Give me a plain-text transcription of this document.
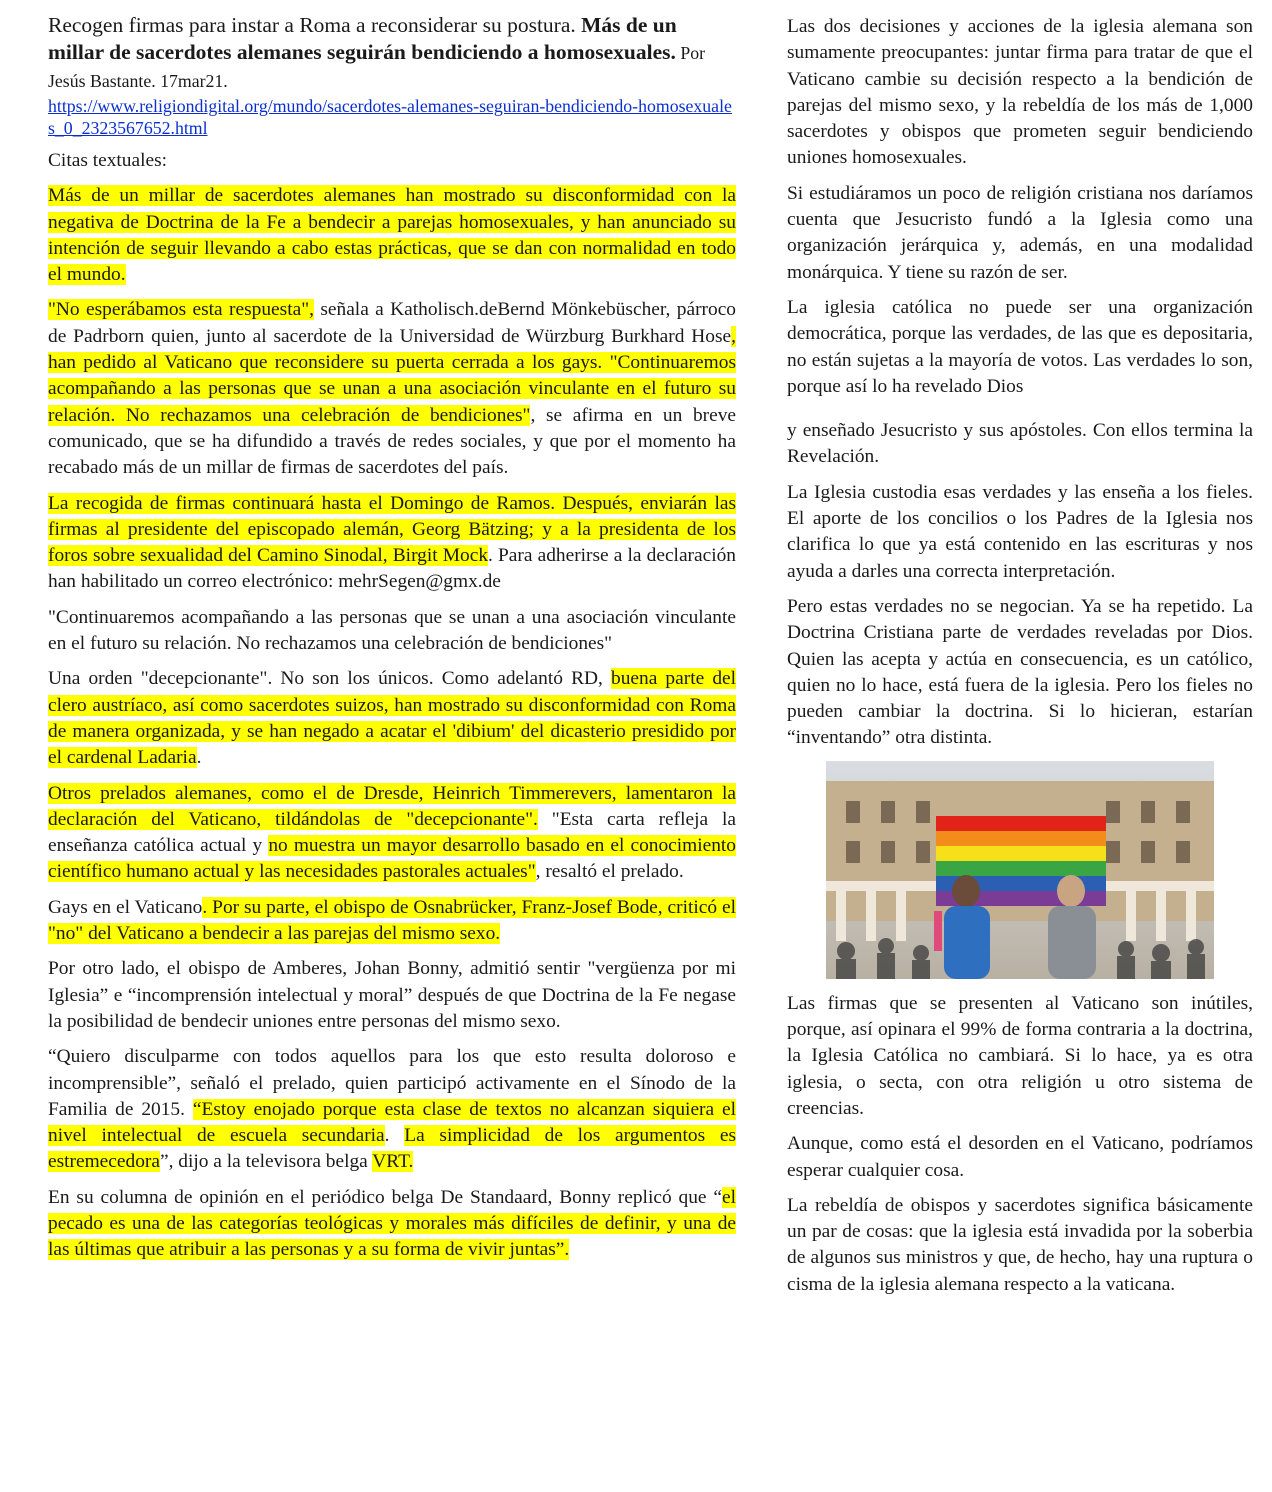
Recogen firmas para instar a Roma a reconsiderar su postura. Más de un millar de sacerdotes alemanes seguirán bendiciendo a homosexuales. Por Jesús Bastante. 17mar21.
https://www.religiondigital.org/mundo/sacerdotes-alemanes-seguiran-bendiciendo-homosexuales_0_2323567652.html

Citas textuales:

Más de un millar de sacerdotes alemanes han mostrado su disconformidad con la negativa de Doctrina de la Fe a bendecir a parejas homosexuales, y han anunciado su intención de seguir llevando a cabo estas prácticas, que se dan con normalidad en todo el mundo.

"No esperábamos esta respuesta", señala a Katholisch.deBernd Mönkebüscher, párroco de Padrborn quien, junto al sacerdote de la Universidad de Würzburg Burkhard Hose, han pedido al Vaticano que reconsidere su puerta cerrada a los gays. "Continuaremos acompañando a las personas que se unan a una asociación vinculante en el futuro su relación. No rechazamos una celebración de bendiciones", se afirma en un breve comunicado, que se ha difundido a través de redes sociales, y que por el momento ha recabado más de un millar de firmas de sacerdotes del país.

La recogida de firmas continuará hasta el Domingo de Ramos. Después, enviarán las firmas al presidente del episcopado alemán, Georg Bätzing; y a la presidenta de los foros sobre sexualidad del Camino Sinodal, Birgit Mock. Para adherirse a la declaración han habilitado un correo electrónico: mehrSegen@gmx.de

"Continuaremos acompañando a las personas que se unan a una asociación vinculante en el futuro su relación. No rechazamos una celebración de bendiciones"

Una orden "decepcionante". No son los únicos. Como adelantó RD, buena parte del clero austríaco, así como sacerdotes suizos, han mostrado su disconformidad con Roma de manera organizada, y se han negado a acatar el 'dibium' del dicasterio presidido por el cardenal Ladaria.

Otros prelados alemanes, como el de Dresde, Heinrich Timmerevers, lamentaron la declaración del Vaticano, tildándolas de "decepcionante". "Esta carta refleja la enseñanza católica actual y no muestra un mayor desarrollo basado en el conocimiento científico humano actual y las necesidades pastorales actuales", resaltó el prelado.

Gays en el Vaticano. Por su parte, el obispo de Osnabrücker, Franz-Josef Bode, criticó el "no" del Vaticano a bendecir a las parejas del mismo sexo.

Por otro lado, el obispo de Amberes, Johan Bonny, admitió sentir "vergüenza por mi Iglesia” e “incomprensión intelectual y moral” después de que Doctrina de la Fe negase la posibilidad de bendecir uniones entre personas del mismo sexo.

“Quiero disculparme con todos aquellos para los que esto resulta doloroso e incomprensible”, señaló el prelado, quien participó activamente en el Sínodo de la Familia de 2015. “Estoy enojado porque esta clase de textos no alcanzan siquiera el nivel intelectual de escuela secundaria. La simplicidad de los argumentos es estremecedora”, dijo a la televisora belga VRT.

En su columna de opinión en el periódico belga De Standaard, Bonny replicó que “el pecado es una de las categorías teológicas y morales más difíciles de definir, y una de las últimas que atribuir a las personas y a su forma de vivir juntas”.

Las dos decisiones y acciones de la iglesia alemana son sumamente preocupantes: juntar firma para tratar de que el Vaticano cambie su decisión respecto a la bendición de parejas del mismo sexo, y la rebeldía de los más de 1,000 sacerdotes y obispos que prometen seguir bendiciendo uniones homosexuales.

Si estudiáramos un poco de religión cristiana nos daríamos cuenta que Jesucristo fundó a la Iglesia como una organización jerárquica y, además, en una modalidad monárquica. Y tiene su razón de ser.

La iglesia católica no puede ser una organización democrática, porque las verdades, de las que es depositaria, no están sujetas a la mayoría de votos. Las verdades lo son, porque así lo ha revelado Dios

y enseñado Jesucristo y sus apóstoles. Con ellos termina la Revelación.

La Iglesia custodia esas verdades y las enseña a los fieles. El aporte de los concilios o los Padres de la Iglesia nos clarifica lo que ya está contenido en las escrituras y nos ayuda a darles una correcta interpretación.

Pero estas verdades no se negocian. Ya se ha repetido. La Doctrina Cristiana parte de verdades reveladas por Dios. Quien las acepta y actúa en consecuencia, es un católico, quien no lo hace, está fuera de la iglesia. Pero los fieles no pueden cambiar la doctrina. Si lo hicieran, estarían “inventando” otra distinta.

Las firmas que se presenten al Vaticano son inútiles, porque, así opinara el 99% de forma contraria a la doctrina, la Iglesia Católica no cambiará. Si lo hace, ya es otra iglesia, o secta, con otra religión u otro sistema de creencias.

Aunque, como está el desorden en el Vaticano, podríamos esperar cualquier cosa.

La rebeldía de obispos y sacerdotes significa básicamente un par de cosas: que la iglesia está invadida por la soberbia de algunos sus ministros y que, de hecho, hay una ruptura o cisma de la iglesia alemana respecto a la vaticana.
